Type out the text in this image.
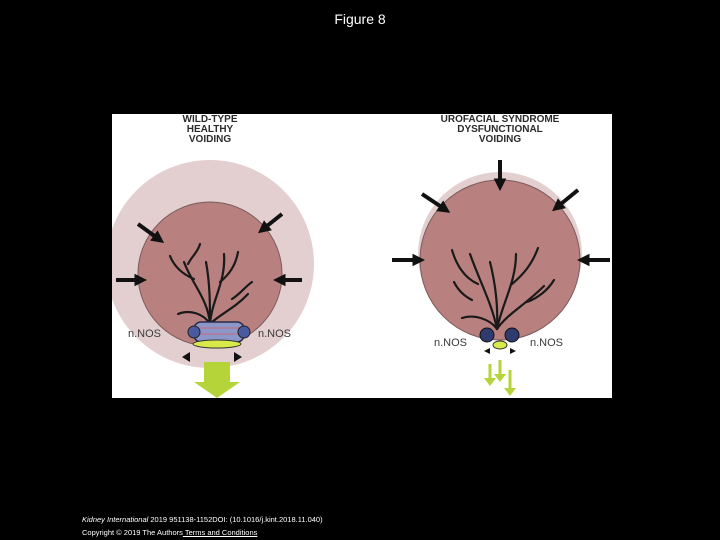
Figure 8
WILD-TYPE
HEALTHY
VOIDING
n.NOS	n.NOS
UROFACIAL SYNDROME
DYSFUNCTIONAL
VOIDING
n.NOS	n.NOS
Kidney International 2019 951138-1152DOI: (10.1016/j.kint.2018.11.040)
Copyright © 2019 The Authors Terms and Conditions
